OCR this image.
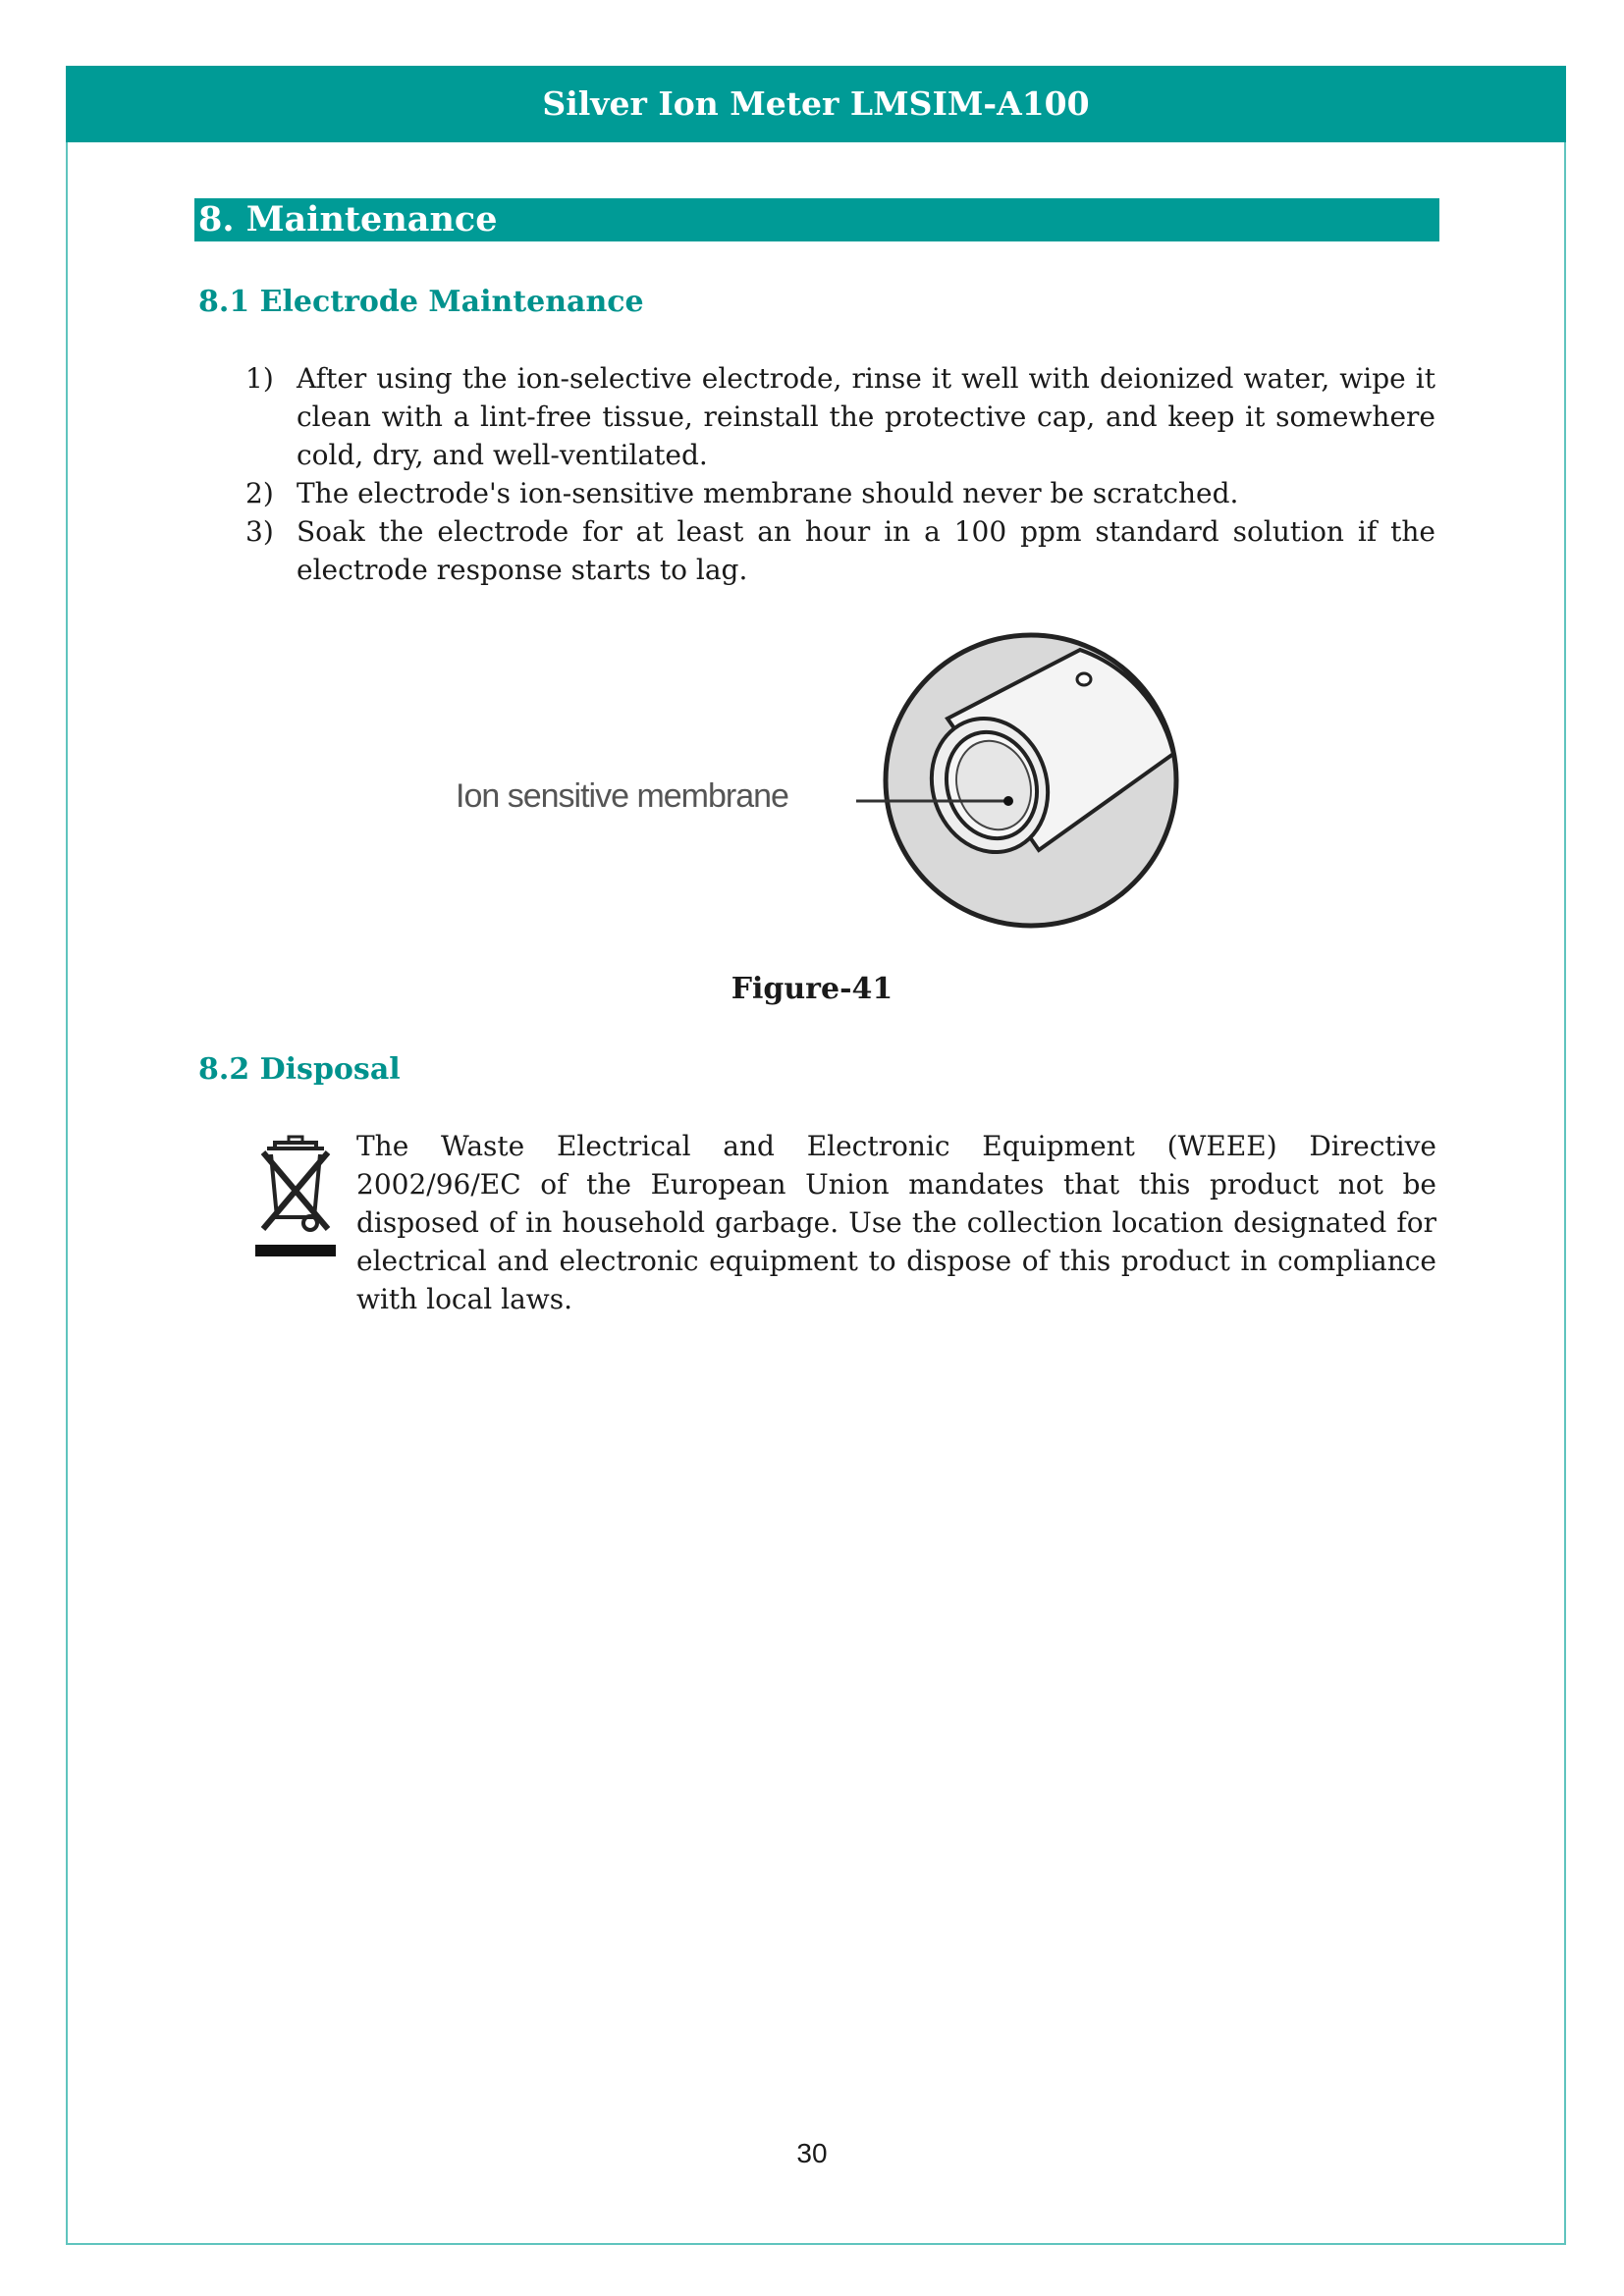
Silver Ion Meter LMSIM-A100
8. Maintenance
8.1 Electrode Maintenance
1) After using the ion-selective electrode, rinse it well with deionized water, wipe it clean with a lint-free tissue, reinstall the protective cap, and keep it somewhere cold, dry, and well-ventilated.
2) The electrode's ion-sensitive membrane should never be scratched.
3) Soak the electrode for at least an hour in a 100 ppm standard solution if the electrode response starts to lag.
Ion sensitive membrane
Figure-41
8.2 Disposal
The Waste Electrical and Electronic Equipment (WEEE) Directive 2002/96/EC of the European Union mandates that this product not be disposed of in household garbage. Use the collection location designated for electrical and electronic equipment to dispose of this product in compliance with local laws.
30
